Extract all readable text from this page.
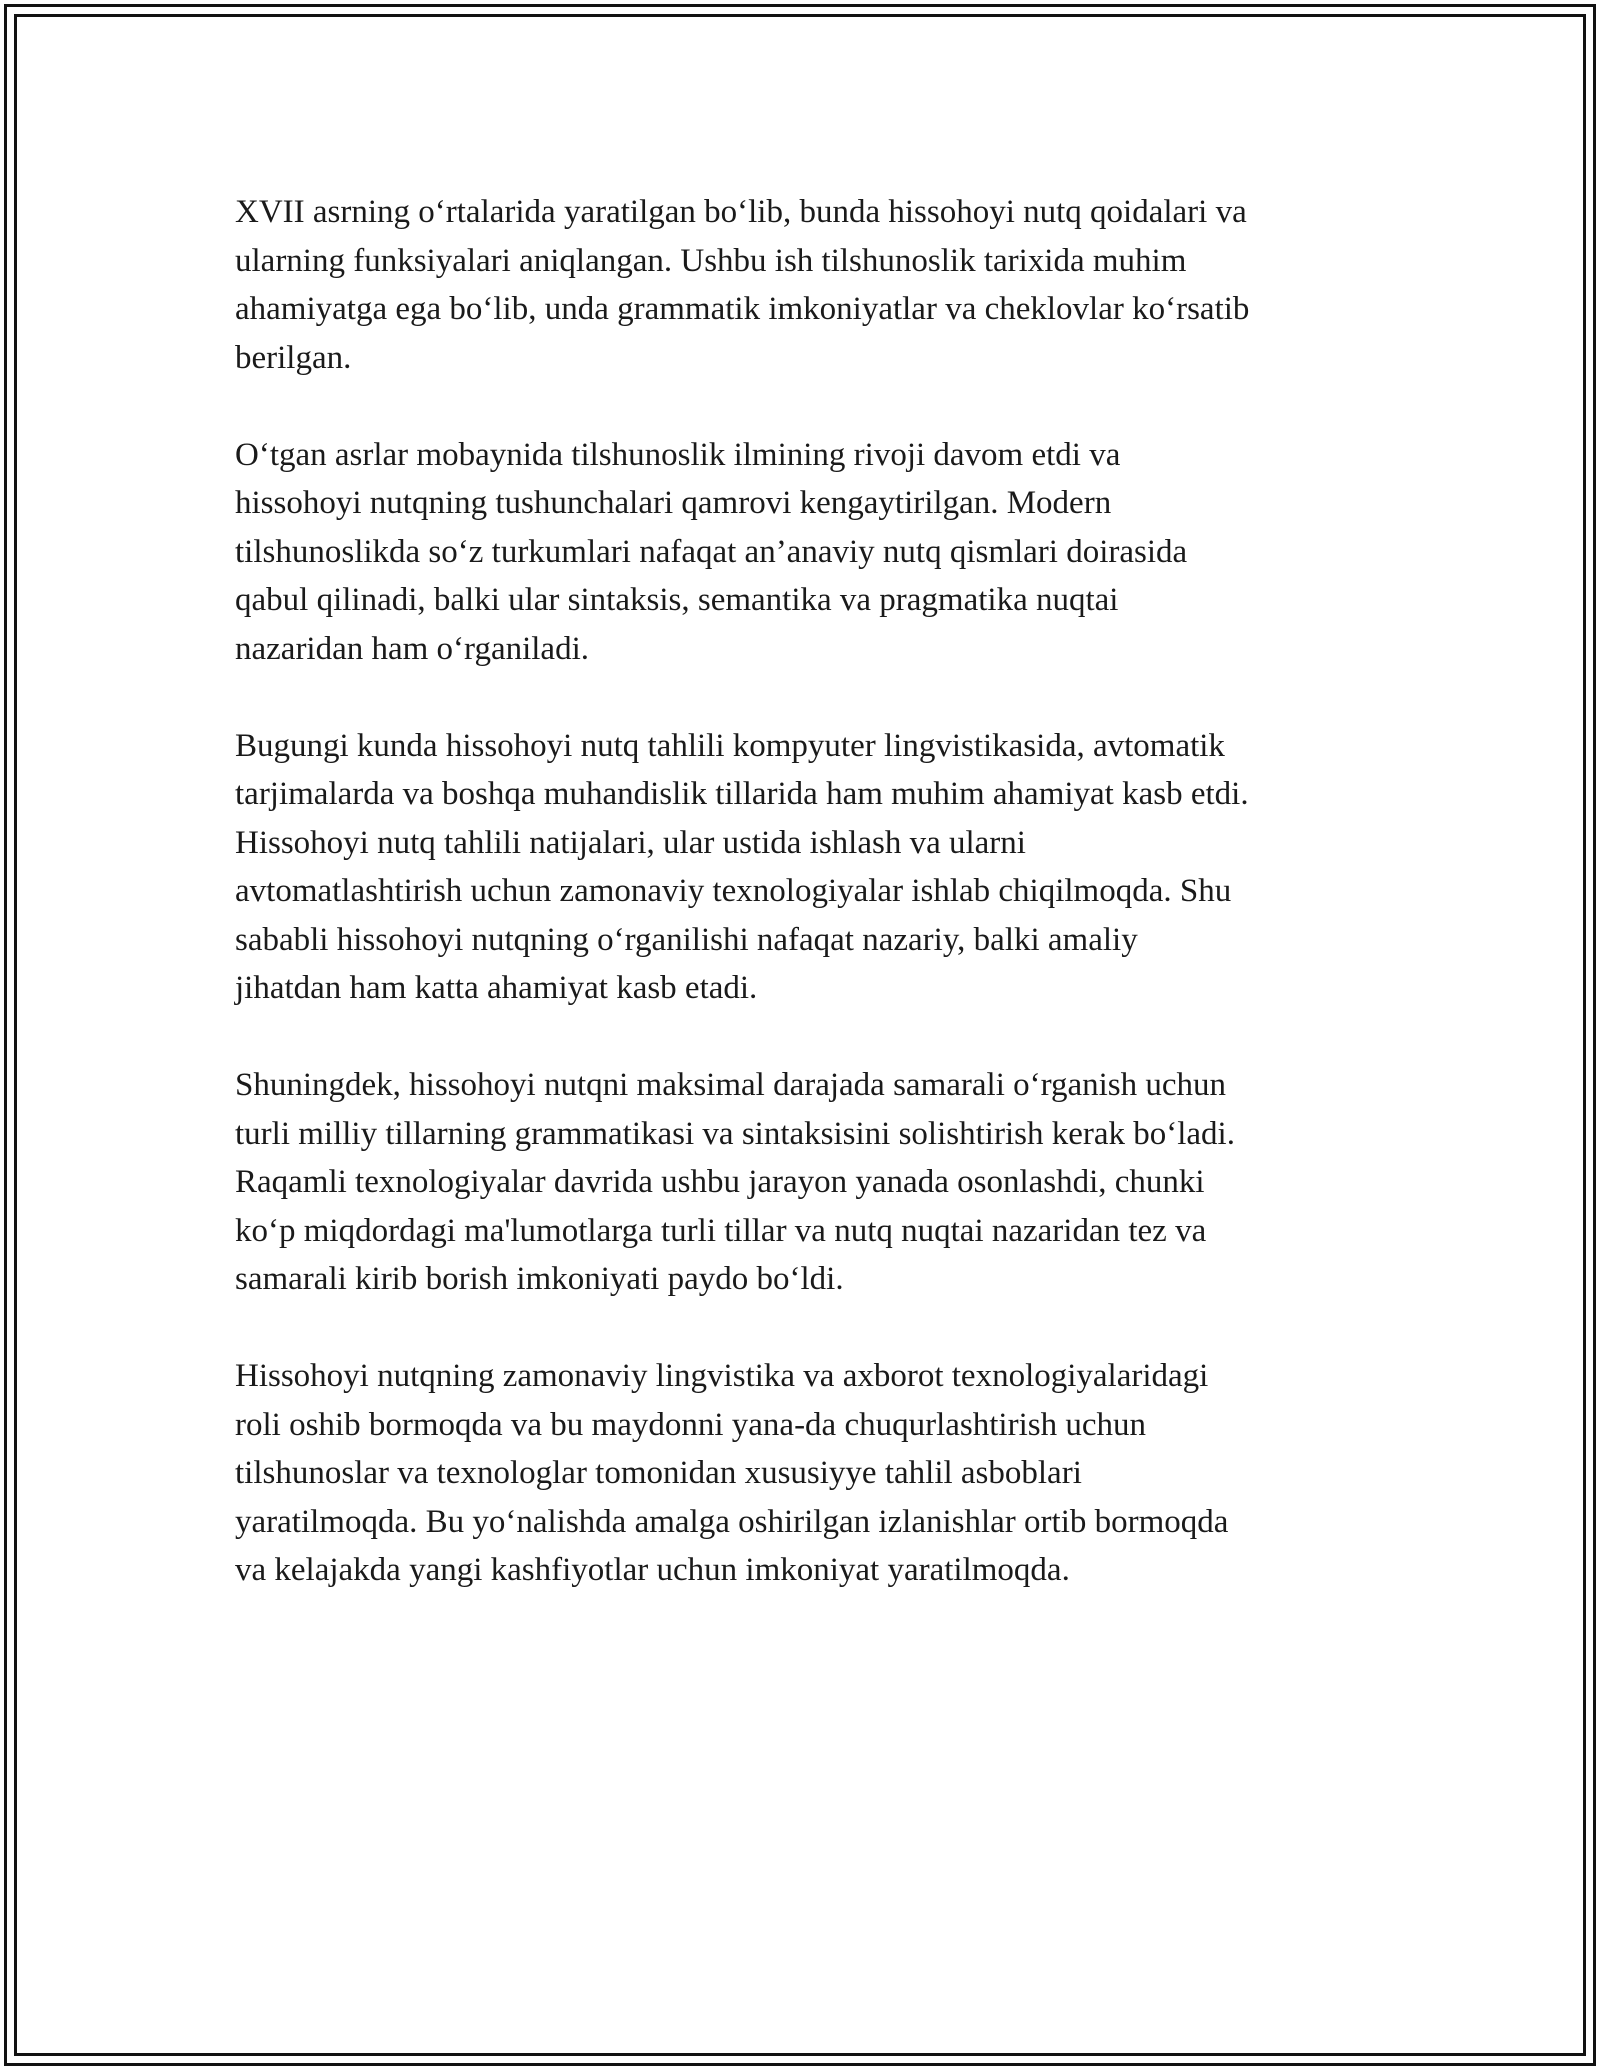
XVII asrning o‘rtalarida yaratilgan bo‘lib, bunda hissohoyi nutq qoidalari va
ularning funksiyalari aniqlangan. Ushbu ish tilshunoslik tarixida muhim
ahamiyatga ega bo‘lib, unda grammatik imkoniyatlar va cheklovlar ko‘rsatib
berilgan.

O‘tgan asrlar mobaynida tilshunoslik ilmining rivoji davom etdi va
hissohoyi nutqning tushunchalari qamrovi kengaytirilgan. Modern
tilshunoslikda so‘z turkumlari nafaqat an’anaviy nutq qismlari doirasida
qabul qilinadi, balki ular sintaksis, semantika va pragmatika nuqtai
nazaridan ham o‘rganiladi.

Bugungi kunda hissohoyi nutq tahlili kompyuter lingvistikasida, avtomatik
tarjimalarda va boshqa muhandislik tillarida ham muhim ahamiyat kasb etdi.
Hissohoyi nutq tahlili natijalari, ular ustida ishlash va ularni
avtomatlashtirish uchun zamonaviy texnologiyalar ishlab chiqilmoqda. Shu
sababli hissohoyi nutqning o‘rganilishi nafaqat nazariy, balki amaliy
jihatdan ham katta ahamiyat kasb etadi.

Shuningdek, hissohoyi nutqni maksimal darajada samarali o‘rganish uchun
turli milliy tillarning grammatikasi va sintaksisini solishtirish kerak bo‘ladi.
Raqamli texnologiyalar davrida ushbu jarayon yanada osonlashdi, chunki
ko‘p miqdordagi ma'lumotlarga turli tillar va nutq nuqtai nazaridan tez va
samarali kirib borish imkoniyati paydo bo‘ldi.

Hissohoyi nutqning zamonaviy lingvistika va axborot texnologiyalaridagi
roli oshib bormoqda va bu maydonni yana-da chuqurlashtirish uchun
tilshunoslar va texnologlar tomonidan xususiyye tahlil asboblari
yaratilmoqda. Bu yo‘nalishda amalga oshirilgan izlanishlar ortib bormoqda
va kelajakda yangi kashfiyotlar uchun imkoniyat yaratilmoqda.
